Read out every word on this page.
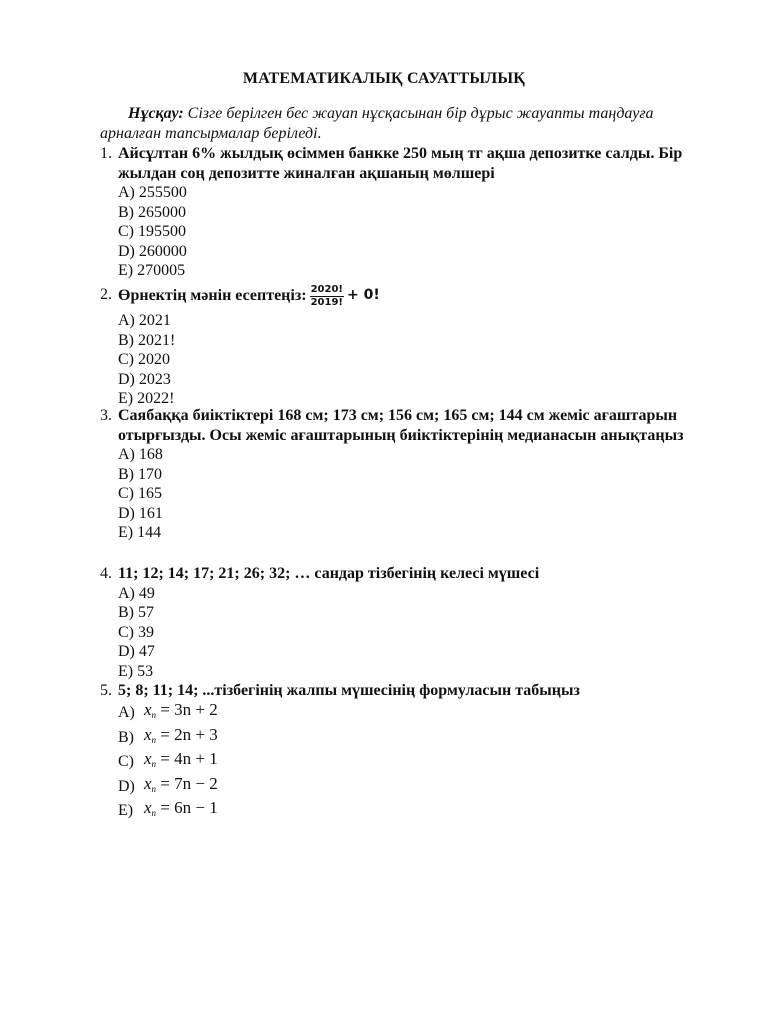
МАТЕМАТИКАЛЫҚ САУАТТЫЛЫҚ
Нұсқау: Сізге берілген бес жауап нұсқасынан бір дұрыс жауапты таңдауға арналған тапсырмалар беріледі.
1. Айсұлтан 6% жылдық өсіммен банкке 250 мың тг ақша депозитке салды. Бір жылдан соң депозитте жиналған ақшаның мөлшері
A) 255500
B) 265000
C) 195500
D) 260000
E) 270005
2. Өрнектің мәнін есептеңіз: $\frac{2020!}{2019!} + 0$!
A) 2021
B) 2021!
C) 2020
D) 2023
E) 2022!
3. Саябаққа биіктіктері 168 см; 173 см; 156 см; 165 см; 144 см жеміс ағаштарын отырғызды. Осы жеміс ағаштарының биіктіктерінің медианасын анықтаңыз
A) 168
B) 170
C) 165
D) 161
E) 144
4. 11; 12; 14; 17; 21; 26; 32; … сандар тізбегінің келесі мүшесі
A) 49
B) 57
C) 39
D) 47
E) 53
5. 5; 8; 11; 14; ...тізбегінің жалпы мүшесінің формуласын табыңыз
A) $x_n = 3n + 2$
B) $x_n = 2n + 3$
C) $x_n = 4n + 1$
D) $x_n = 7n - 2$
E) $x_n = 6n - 1$
